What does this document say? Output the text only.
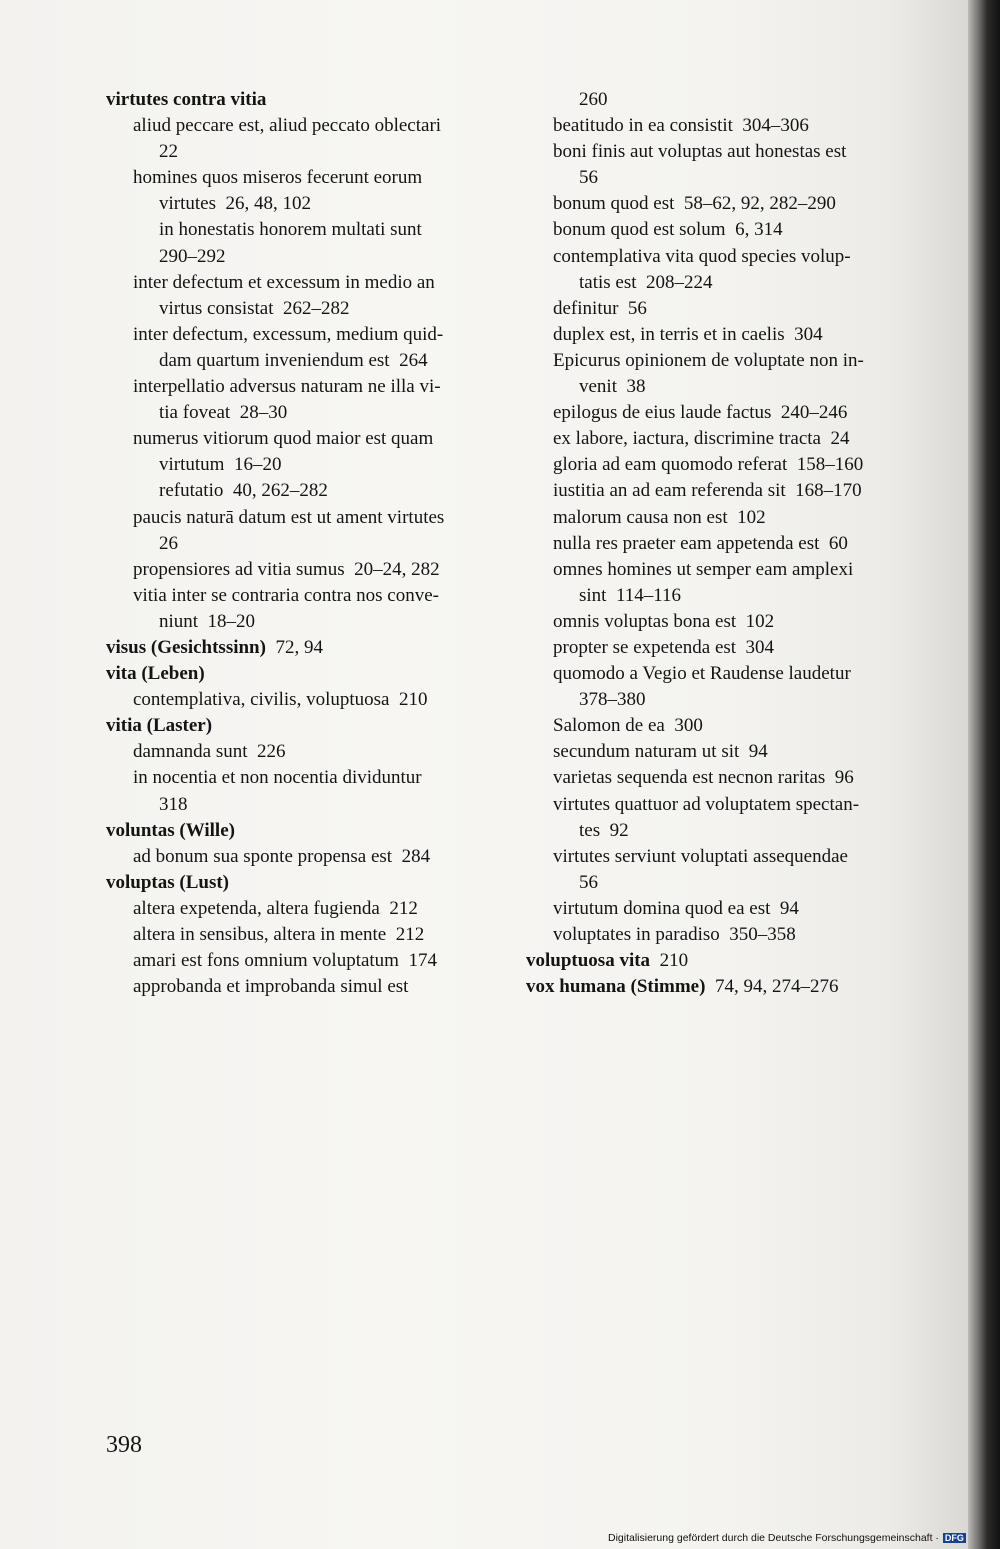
virtutes contra vitia
aliud peccare est, aliud peccato oblectari
22
homines quos miseros fecerunt eorum
virtutes  26, 48, 102
in honestatis honorem multati sunt
290–292
inter defectum et excessum in medio an
virtus consistat  262–282
inter defectum, excessum, medium quid-
dam quartum inveniendum est  264
interpellatio adversus naturam ne illa vi-
tia foveat  28–30
numerus vitiorum quod maior est quam
virtutum  16–20
refutatio  40, 262–282
paucis naturā datum est ut ament virtutes
26
propensiores ad vitia sumus  20–24, 282
vitia inter se contraria contra nos conve-
niunt  18–20
visus (Gesichtssinn)  72, 94
vita (Leben)
contemplativa, civilis, voluptuosa  210
vitia (Laster)
damnanda sunt  226
in nocentia et non nocentia dividuntur
318
voluntas (Wille)
ad bonum sua sponte propensa est  284
voluptas (Lust)
altera expetenda, altera fugienda  212
altera in sensibus, altera in mente  212
amari est fons omnium voluptatum  174
approbanda et improbanda simul est
260
beatitudo in ea consistit  304–306
boni finis aut voluptas aut honestas est
56
bonum quod est  58–62, 92, 282–290
bonum quod est solum  6, 314
contemplativa vita quod species volup-
tatis est  208–224
definitur  56
duplex est, in terris et in caelis  304
Epicurus opinionem de voluptate non in-
venit  38
epilogus de eius laude factus  240–246
ex labore, iactura, discrimine tracta  24
gloria ad eam quomodo referat  158–160
iustitia an ad eam referenda sit  168–170
malorum causa non est  102
nulla res praeter eam appetenda est  60
omnes homines ut semper eam amplexi
sint  114–116
omnis voluptas bona est  102
propter se expetenda est  304
quomodo a Vegio et Raudense laudetur
378–380
Salomon de ea  300
secundum naturam ut sit  94
varietas sequenda est necnon raritas  96
virtutes quattuor ad voluptatem spectan-
tes  92
virtutes serviunt voluptati assequendae
56
virtutum domina quod ea est  94
voluptates in paradiso  350–358
voluptuosa vita  210
vox humana (Stimme)  74, 94, 274–276
398
Digitalisierung gefördert durch die Deutsche Forschungsgemeinschaft · DFG
